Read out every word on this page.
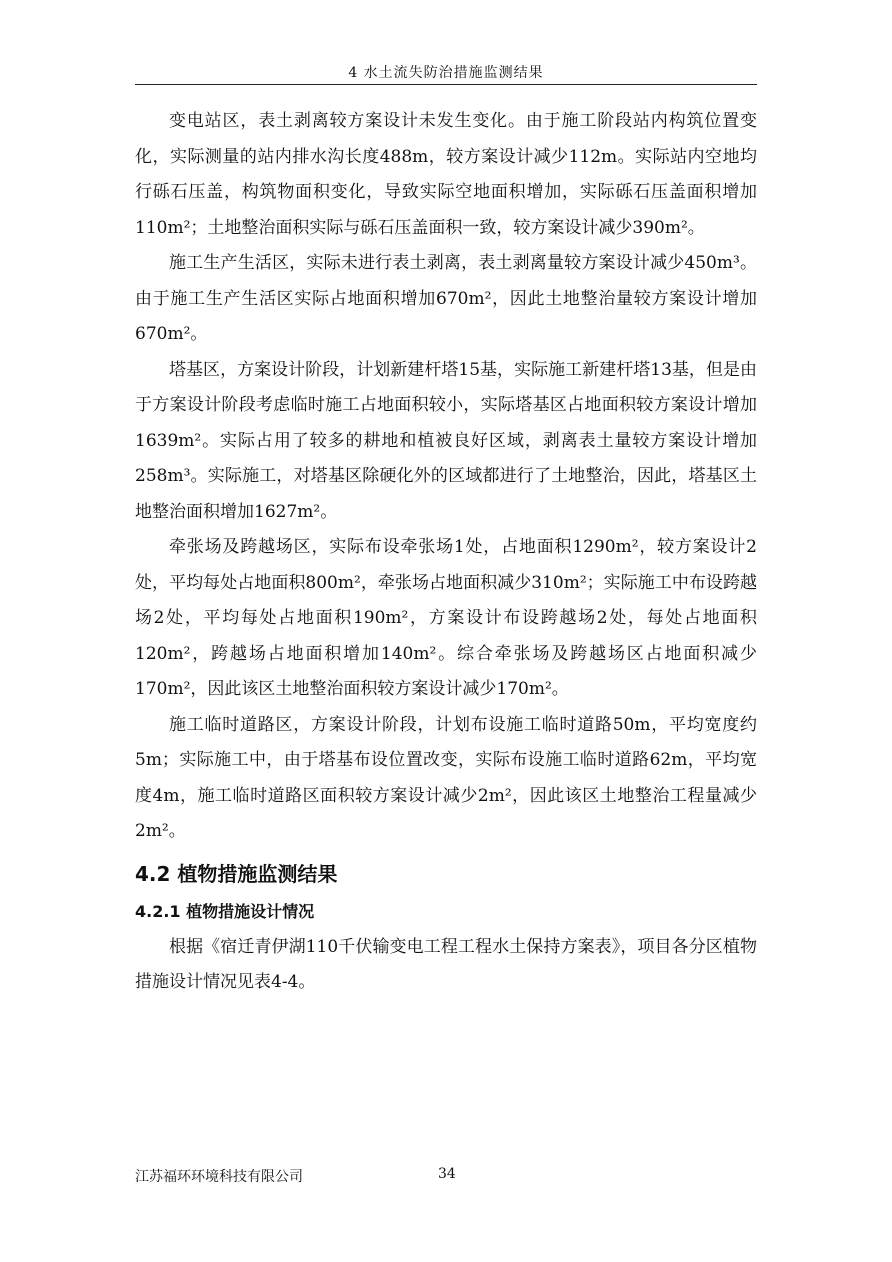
4 水土流失防治措施监测结果

变电站区，表土剥离较方案设计未发生变化。由于施工阶段站内构筑位置变化，实际测量的站内排水沟长度488m，较方案设计减少112m。实际站内空地均行砾石压盖，构筑物面积变化，导致实际空地面积增加，实际砾石压盖面积增加110m²；土地整治面积实际与砾石压盖面积一致，较方案设计减少390m²。

施工生产生活区，实际未进行表土剥离，表土剥离量较方案设计减少450m³。由于施工生产生活区实际占地面积增加670m²，因此土地整治量较方案设计增加670m²。

塔基区，方案设计阶段，计划新建杆塔15基，实际施工新建杆塔13基，但是由于方案设计阶段考虑临时施工占地面积较小，实际塔基区占地面积较方案设计增加1639m²。实际占用了较多的耕地和植被良好区域，剥离表土量较方案设计增加258m³。实际施工，对塔基区除硬化外的区域都进行了土地整治，因此，塔基区土地整治面积增加1627m²。

牵张场及跨越场区，实际布设牵张场1处，占地面积1290m²，较方案设计2处，平均每处占地面积800m²，牵张场占地面积减少310m²；实际施工中布设跨越场2处，平均每处占地面积190m²，方案设计布设跨越场2处，每处占地面积120m²，跨越场占地面积增加140m²。综合牵张场及跨越场区占地面积减少170m²，因此该区土地整治面积较方案设计减少170m²。

施工临时道路区，方案设计阶段，计划布设施工临时道路50m，平均宽度约5m；实际施工中，由于塔基布设位置改变，实际布设施工临时道路62m，平均宽度4m，施工临时道路区面积较方案设计减少2m²，因此该区土地整治工程量减少2m²。

4.2 植物措施监测结果
4.2.1 植物措施设计情况

根据《宿迁青伊湖110千伏输变电工程工程水土保持方案表》，项目各分区植物措施设计情况见表4-4。

江苏福环环境科技有限公司	34
